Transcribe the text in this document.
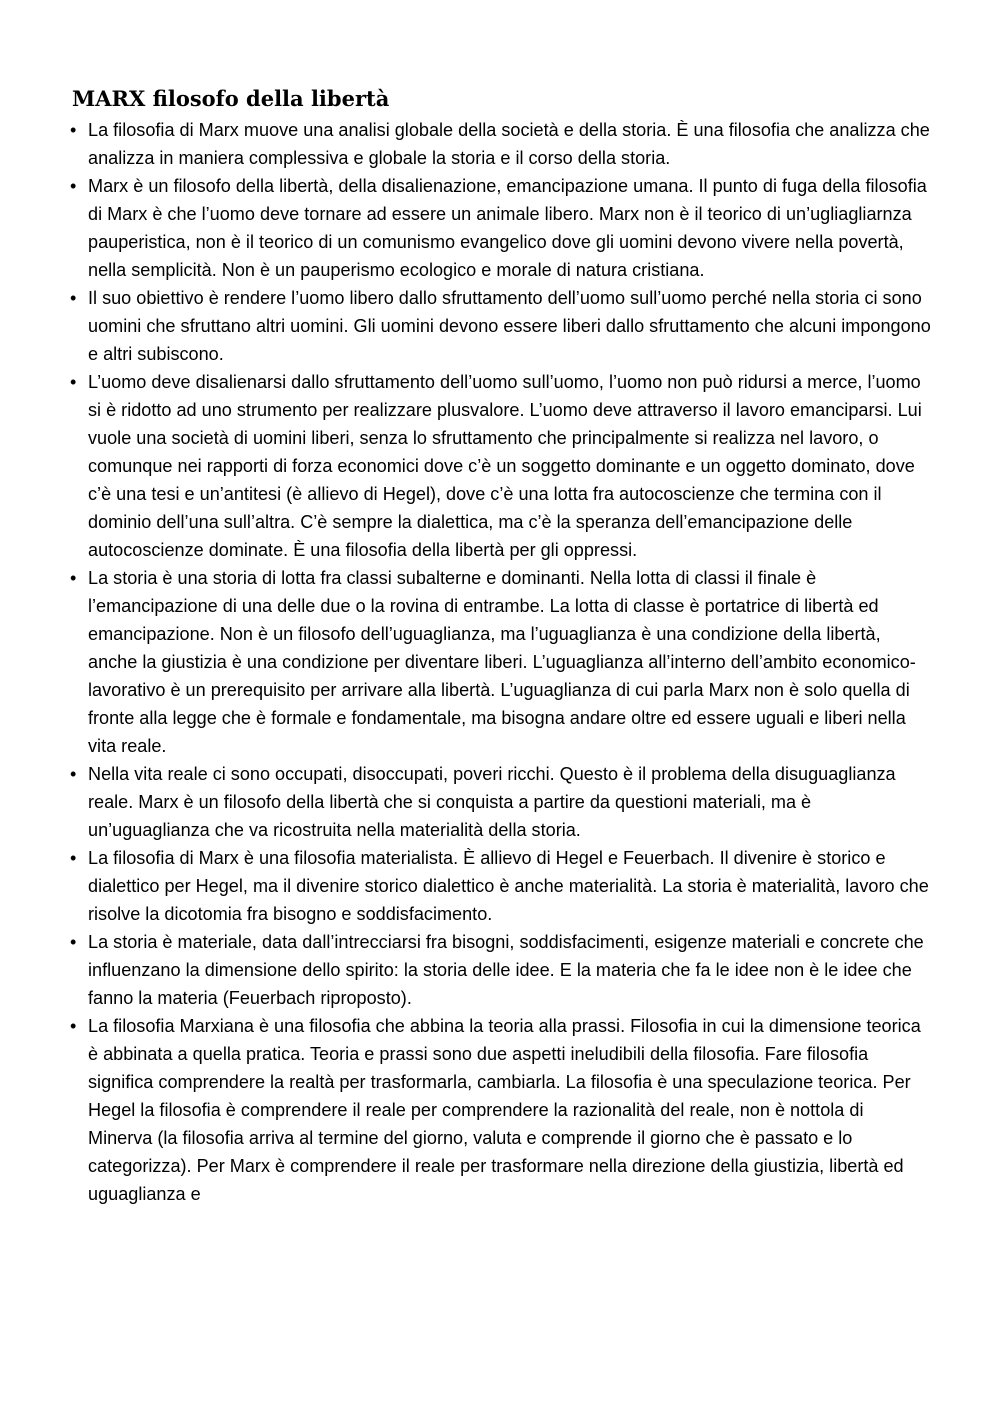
MARX filosofo della libertà
• La filosofia di Marx muove una analisi globale della società e della storia. È una filosofia che analizza che analizza in maniera complessiva e globale la storia e il corso della storia.
• Marx è un filosofo della libertà, della disalienazione, emancipazione umana. Il punto di fuga della filosofia di Marx è che l’uomo deve tornare ad essere un animale libero. Marx non è il teorico di un’ugliagliarnza pauperistica, non è il teorico di un comunismo evangelico dove gli uomini devono vivere nella povertà, nella semplicità. Non è un pauperismo ecologico e morale di natura cristiana.
• Il suo obiettivo è rendere l’uomo libero dallo sfruttamento dell’uomo sull’uomo perché nella storia ci sono uomini che sfruttano altri uomini. Gli uomini devono essere liberi dallo sfruttamento che alcuni impongono e altri subiscono.
• L’uomo deve disalienarsi dallo sfruttamento dell’uomo sull’uomo, l’uomo non può ridursi a merce, l’uomo si è ridotto ad uno strumento per realizzare plusvalore. L’uomo deve attraverso il lavoro emanciparsi. Lui vuole una società di uomini liberi, senza lo sfruttamento che principalmente si realizza nel lavoro, o comunque nei rapporti di forza economici dove c’è un soggetto dominante e un oggetto dominato, dove c’è una tesi e un’antitesi (è allievo di Hegel), dove c’è una lotta fra autocoscienze che termina con il dominio dell’una sull’altra. C’è sempre la dialettica, ma c’è la speranza dell’emancipazione delle autocoscienze dominate. È una filosofia della libertà per gli oppressi.
• La storia è una storia di lotta fra classi subalterne e dominanti. Nella lotta di classi il finale è l’emancipazione di una delle due o la rovina di entrambe. La lotta di classe è portatrice di libertà ed emancipazione. Non è un filosofo dell’uguaglianza, ma l’uguaglianza è una condizione della libertà, anche la giustizia è una condizione per diventare liberi. L’uguaglianza all’interno dell’ambito economico-lavorativo è un prerequisito per arrivare alla libertà. L’uguaglianza di cui parla Marx non è solo quella di fronte alla legge che è formale e fondamentale, ma bisogna andare oltre ed essere uguali e liberi nella vita reale.
• Nella vita reale ci sono occupati, disoccupati, poveri ricchi. Questo è il problema della disuguaglianza reale. Marx è un filosofo della libertà che si conquista a partire da questioni materiali, ma è un’uguaglianza che va ricostruita nella materialità della storia.
• La filosofia di Marx è una filosofia materialista. È allievo di Hegel e Feuerbach. Il divenire è storico e dialettico per Hegel, ma il divenire storico dialettico è anche materialità. La storia è materialità, lavoro che risolve la dicotomia fra bisogno e soddisfacimento.
• La storia è materiale, data dall’intrecciarsi fra bisogni, soddisfacimenti, esigenze materiali e concrete che influenzano la dimensione dello spirito: la storia delle idee. E la materia che fa le idee non è le idee che fanno la materia (Feuerbach riproposto).
• La filosofia Marxiana è una filosofia che abbina la teoria alla prassi. Filosofia in cui la dimensione teorica è abbinata a quella pratica. Teoria e prassi sono due aspetti ineludibili della filosofia. Fare filosofia significa comprendere la realtà per trasformarla, cambiarla. La filosofia è una speculazione teorica. Per Hegel la filosofia è comprendere il reale per comprendere la razionalità del reale, non è nottola di Minerva (la filosofia arriva al termine del giorno, valuta e comprende il giorno che è passato e lo categorizza). Per Marx è comprendere il reale per trasformare nella direzione della giustizia, libertà ed uguaglianza e
